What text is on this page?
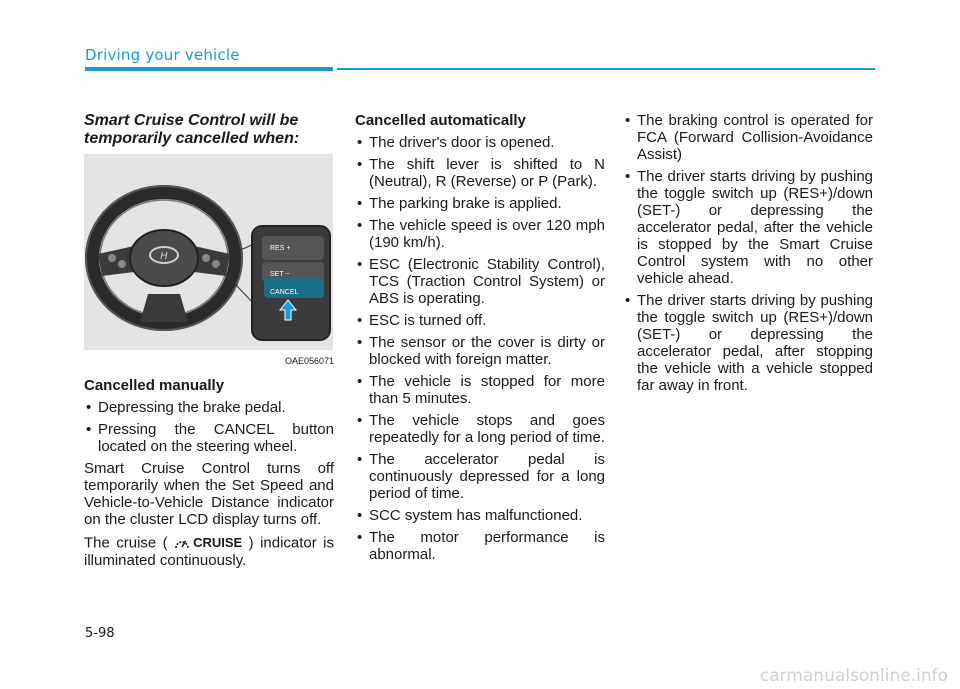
Driving your vehicle
Smart Cruise Control will be temporarily cancelled when:
H
RES +
SET −
CANCEL
OAE056071
Cancelled manually
• Depressing the brake pedal.
• Pressing the CANCEL button located on the steering wheel.

Smart Cruise Control turns off temporarily when the Set Speed and Vehicle-to-Vehicle Distance indicator on the cluster LCD display turns off.

The cruise ( CRUISE ) indicator is illuminated continuously.

Cancelled automatically
• The driver's door is opened.
• The shift lever is shifted to N (Neutral), R (Reverse) or P (Park).
• The parking brake is applied.
• The vehicle speed is over 120 mph (190 km/h).
• ESC (Electronic Stability Control), TCS (Traction Control System) or ABS is operating.
• ESC is turned off.
• The sensor or the cover is dirty or blocked with foreign matter.
• The vehicle is stopped for more than 5 minutes.
• The vehicle stops and goes repeatedly for a long period of time.
• The accelerator pedal is continuously depressed for a long period of time.
• SCC system has malfunctioned.
• The motor performance is abnormal.
• The braking control is operated for FCA (Forward Collision-Avoidance Assist)
• The driver starts driving by pushing the toggle switch up (RES+)/down (SET-) or depressing the accelerator pedal, after the vehicle is stopped by the Smart Cruise Control system with no other vehicle ahead.
• The driver starts driving by pushing the toggle switch up (RES+)/down (SET-) or depressing the accelerator pedal, after stopping the vehicle with a vehicle stopped far away in front.
5-98
carmanualsonline.info
